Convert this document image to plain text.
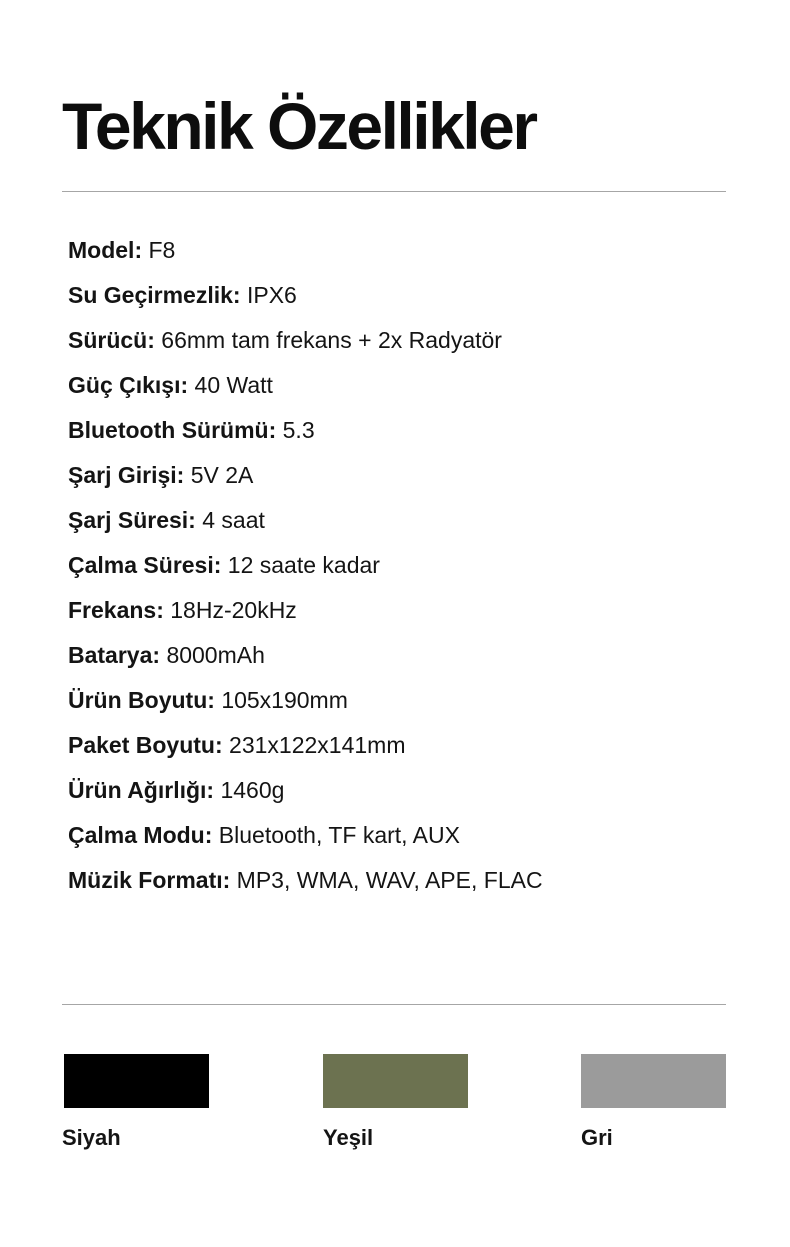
Teknik Özellikler
Model: F8
Su Geçirmezlik: IPX6
Sürücü: 66mm tam frekans + 2x Radyatör
Güç Çıkışı: 40 Watt
Bluetooth Sürümü: 5.3
Şarj Girişi: 5V 2A
Şarj Süresi: 4 saat
Çalma Süresi: 12 saate kadar
Frekans: 18Hz-20kHz
Batarya: 8000mAh
Ürün Boyutu: 105x190mm
Paket Boyutu: 231x122x141mm
Ürün Ağırlığı: 1460g
Çalma Modu: Bluetooth, TF kart, AUX
Müzik Formatı: MP3, WMA, WAV, APE, FLAC
Siyah	Yeşil	Gri
